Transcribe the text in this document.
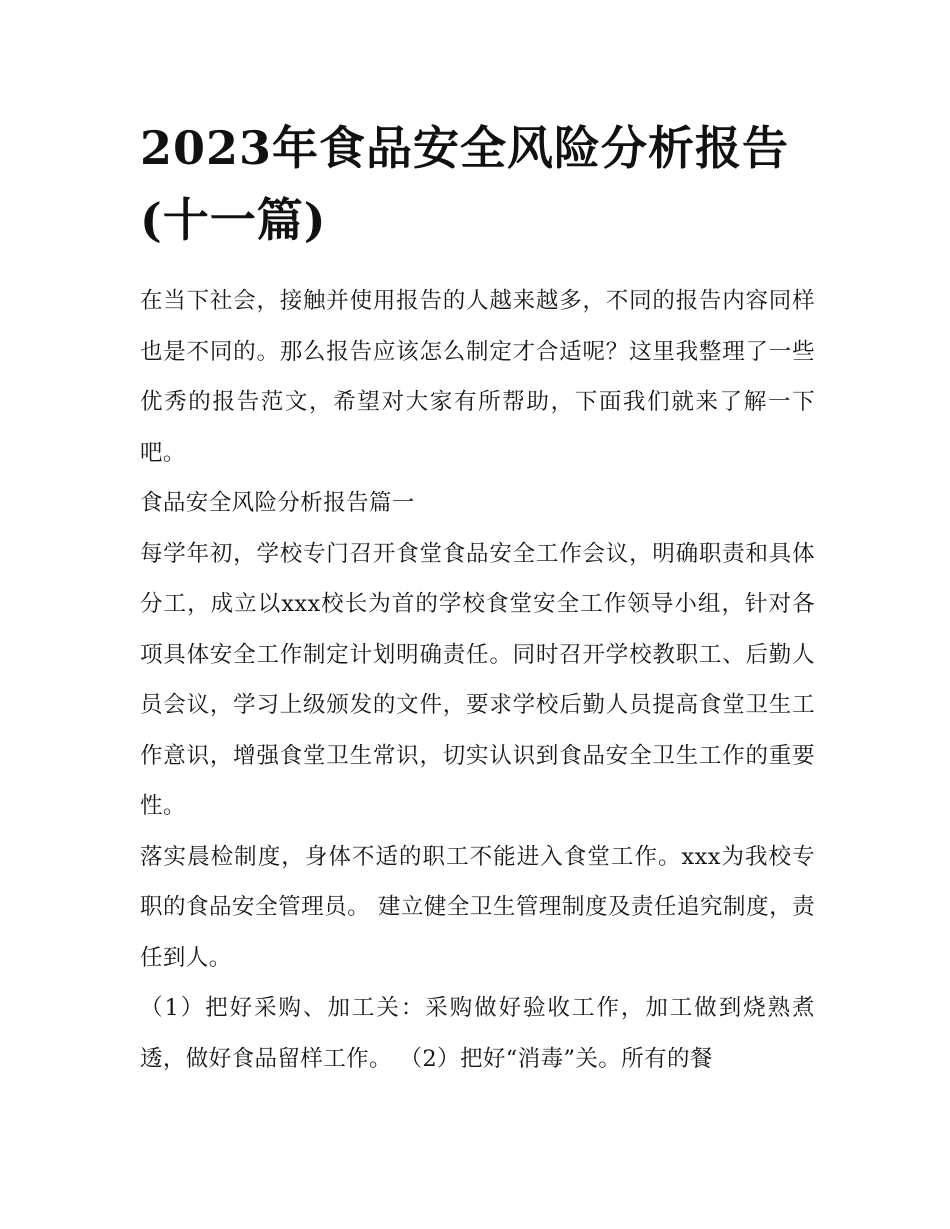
2023年食品安全风险分析报告(十一篇)

在当下社会，接触并使用报告的人越来越多，不同的报告内容同样也是不同的。那么报告应该怎么制定才合适呢？这里我整理了一些优秀的报告范文，希望对大家有所帮助，下面我们就来了解一下吧。

食品安全风险分析报告篇一

每学年初，学校专门召开食堂食品安全工作会议，明确职责和具体分工，成立以xxx校长为首的学校食堂安全工作领导小组，针对各项具体安全工作制定计划明确责任。同时召开学校教职工、后勤人员会议，学习上级颁发的文件，要求学校后勤人员提高食堂卫生工作意识，增强食堂卫生常识，切实认识到食品安全卫生工作的重要性。

落实晨检制度，身体不适的职工不能进入食堂工作。xxx为我校专职的食品安全管理员。 建立健全卫生管理制度及责任追究制度，责任到人。

（1）把好采购、加工关：采购做好验收工作，加工做到烧熟煮透，做好食品留样工作。 （2）把好“消毒”关。所有的餐
